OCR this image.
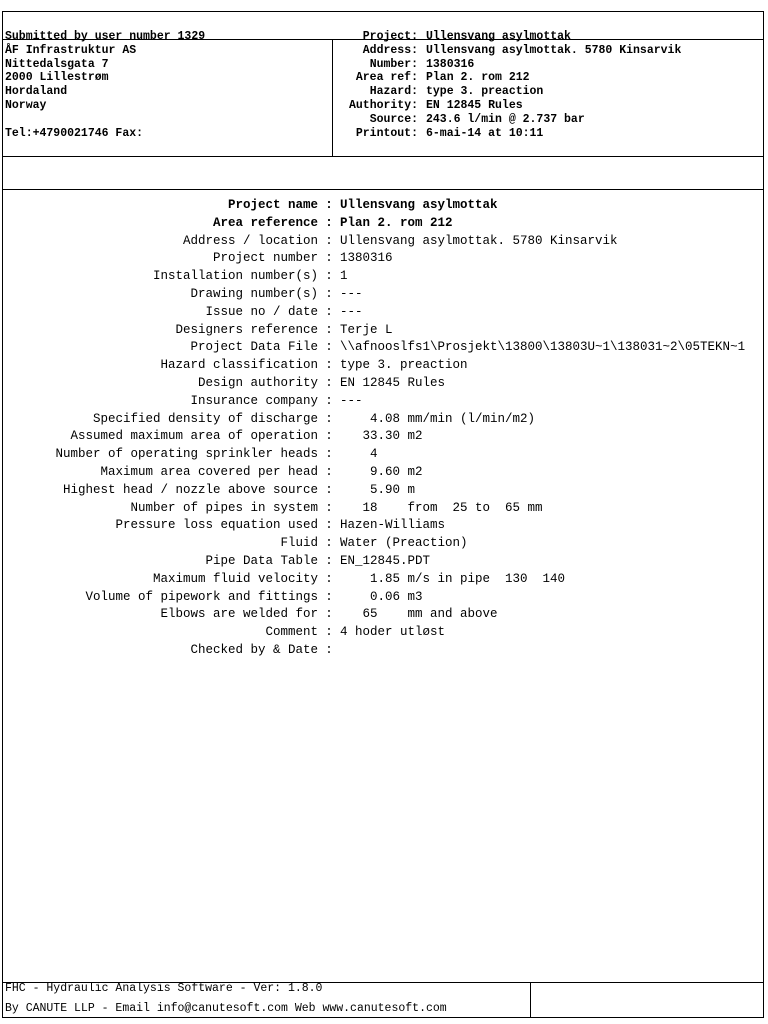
Submitted by user number 1329
ÅF Infrastruktur AS
Nittedalsgata 7
2000 Lillestrøm
Hordaland
Norway
Tel:+4790021746 Fax:
Project: Ullensvang asylmottak
Address: Ullensvang asylmottak. 5780 Kinsarvik
Number: 1380316
Area ref: Plan 2. rom 212
Hazard: type 3. preaction
Authority: EN 12845 Rules
Source: 243.6 l/min @ 2.737 bar
Printout: 6-mai-14 at 10:11
Project name : Ullensvang asylmottak
Area reference : Plan 2. rom 212
Address / location : Ullensvang asylmottak. 5780 Kinsarvik
Project number : 1380316
Installation number(s) : 1
Drawing number(s) : ---
Issue no / date : ---
Designers reference : Terje L
Project Data File : \\afnooslfs1\Prosjekt\13800\13803U~1\138031~2\05TEKN~1
Hazard classification : type 3. preaction
Design authority : EN 12845 Rules
Insurance company : ---
Specified density of discharge : 4.08 mm/min (l/min/m2)
Assumed maximum area of operation : 33.30 m2
Number of operating sprinkler heads : 4
Maximum area covered per head : 9.60 m2
Highest head / nozzle above source : 5.90 m
Number of pipes in system : 18    from  25 to  65 mm
Pressure loss equation used : Hazen-Williams
Fluid : Water (Preaction)
Pipe Data Table : EN_12845.PDT
Maximum fluid velocity : 1.85 m/s in pipe  130  140
Volume of pipework and fittings : 0.06 m3
Elbows are welded for : 65    mm and above
Comment : 4 hoder utløst
Checked by & Date :
FHC - Hydraulic Analysis Software - Ver: 1.8.0
By CANUTE LLP - Email info@canutesoft.com Web www.canutesoft.com
